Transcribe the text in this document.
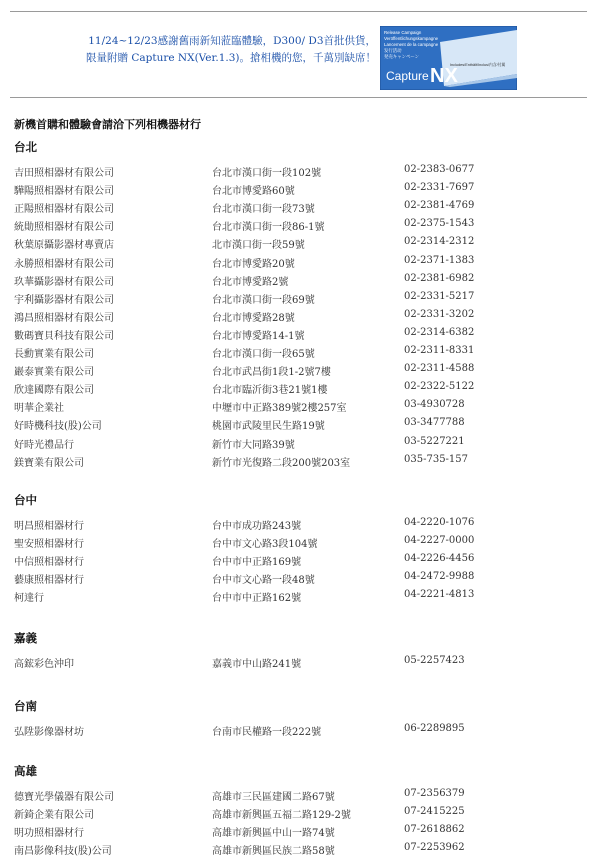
11/24~12/23感謝舊雨新知蒞臨體驗，D300/ D3首批供貨，
限量附贈 Capture NX(Ver.1.3)。搶相機的您，千萬別缺席！
Release Campaign
Veröffentlichungskampagne
Lancement de la campagne
发行活动
発売キャンペーン
Includes/Enthält/Inclus/内含/付属
Capture NX
新機首購和體驗會請洽下列相機器材行
台北
吉田照相器材有限公司	台北市漢口街一段102號	02-2383-0677
驊陽照相器材有限公司	台北市博愛路60號	02-2331-7697
正陽照相器材有限公司	台北市漢口街一段73號	02-2381-4769
統勛照相器材有限公司	台北市漢口街一段86-1號	02-2375-1543
秋葉原攝影器材專賣店	北市漢口街一段59號	02-2314-2312
永勝照相器材有限公司	台北市博愛路20號	02-2371-1383
玖華攝影器材有限公司	台北市博愛路2號	02-2381-6982
宇利攝影器材有限公司	台北市漢口街一段69號	02-2331-5217
鴻昌照相器材有限公司	台北市博愛路28號	02-2331-3202
數碼寶貝科技有限公司	台北市博愛路14-1號	02-2314-6382
長勳實業有限公司	台北市漢口街一段65號	02-2311-8331
巖泰實業有限公司	台北市武昌街1段1-2號7樓	02-2311-4588
欣達國際有限公司	台北市臨沂街3巷21號1樓	02-2322-5122
明華企業社	中壢市中正路389號2樓257室	03-4930728
好時機科技(股)公司	桃園市武陵里民生路19號	03-3477788
好時光禮品行	新竹市大同路39號	03-5227221
鎂寶業有限公司	新竹市光復路二段200號203室	035-735-157
台中
明昌照相器材行	台中市成功路243號	04-2220-1076
聖安照相器材行	台中市文心路3段104號	04-2227-0000
中信照相器材行	台中市中正路169號	04-2226-4456
藝康照相器材行	台中市文心路一段48號	04-2472-9988
柯達行	台中市中正路162號	04-2221-4813
嘉義
高鋐彩色沖印	嘉義市中山路241號	05-2257423
台南
弘陞影像器材坊	台南市民權路一段222號	06-2289895
高雄
德寶光學儀器有限公司	高雄市三民區建國二路67號	07-2356379
新錡企業有限公司	高雄市新興區五福二路129-2號	07-2415225
明功照相器材行	高雄市新興區中山一路74號	07-2618862
南昌影像科技(股)公司	高雄市新興區民族二路58號	07-2253962
